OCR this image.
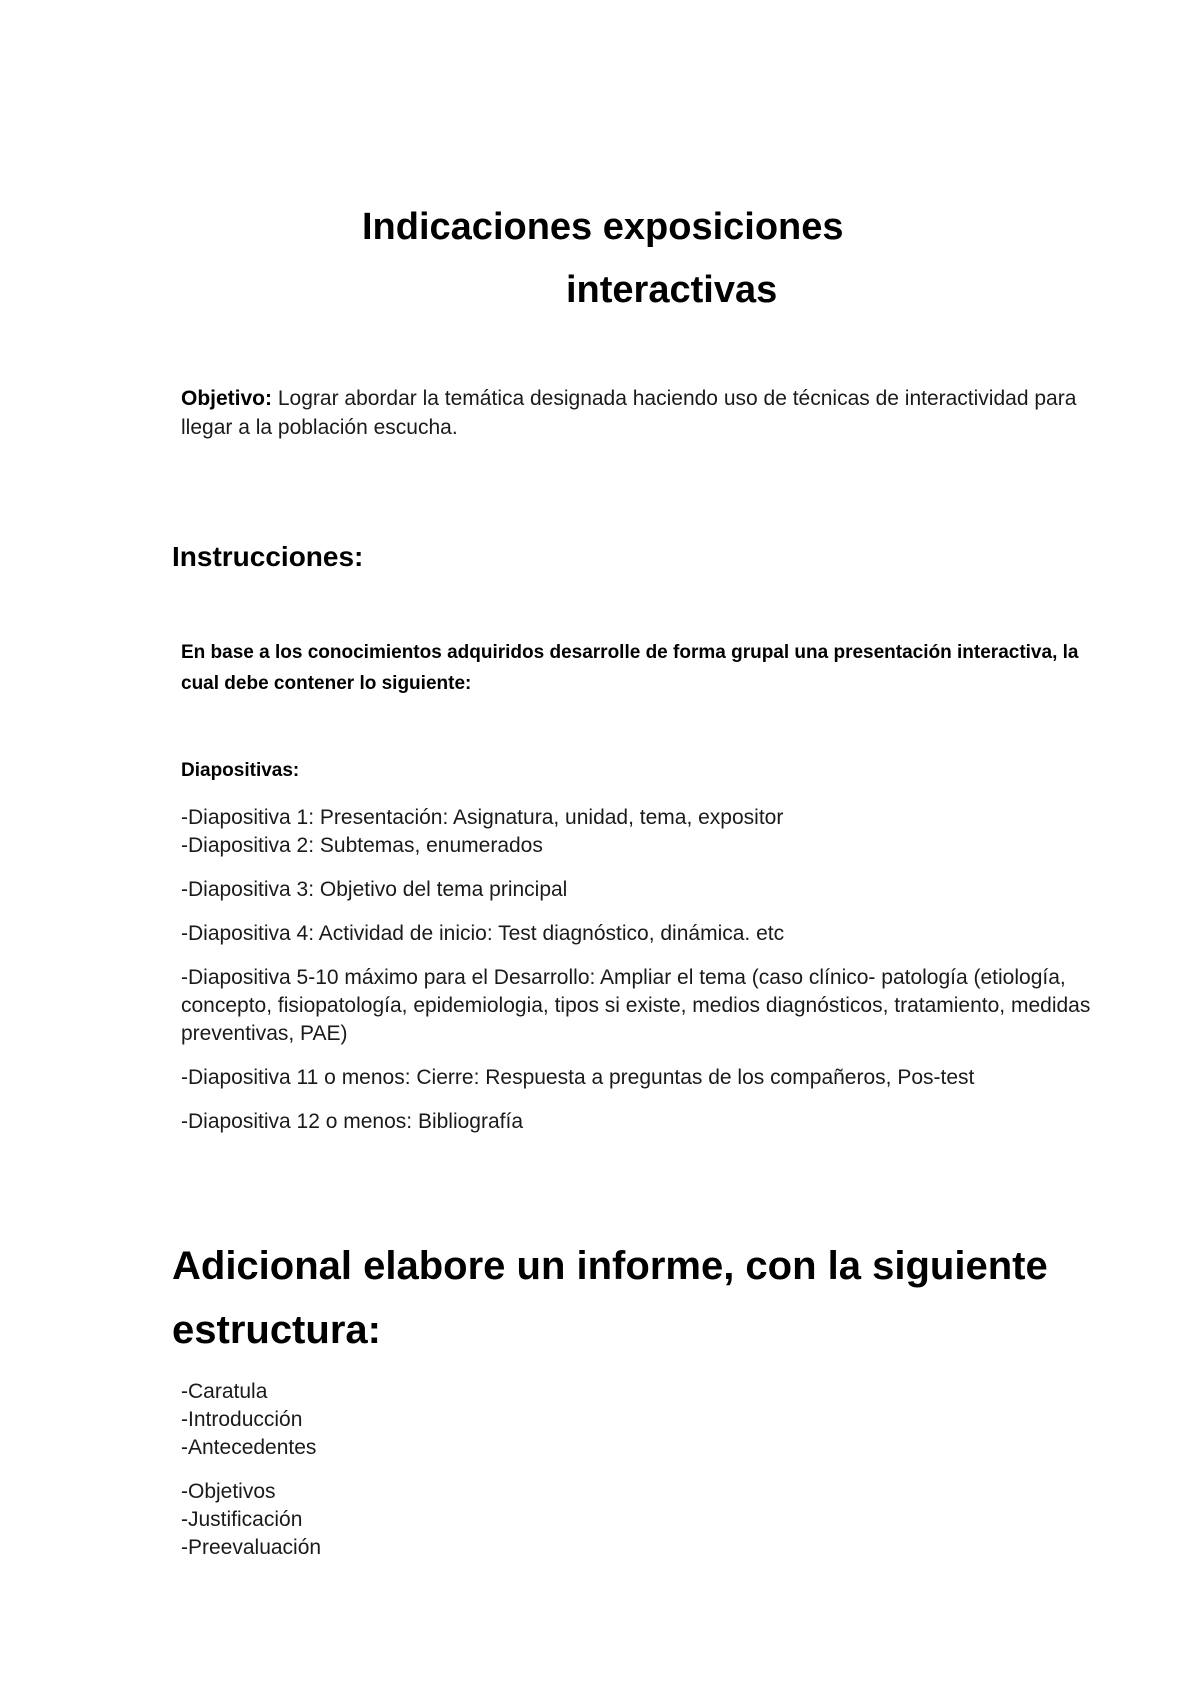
Indicaciones exposiciones
interactivas
Objetivo: Lograr abordar la temática designada haciendo uso de técnicas de interactividad para llegar a la población escucha.
Instrucciones:
En base a los conocimientos adquiridos desarrolle de forma grupal una presentación interactiva, la cual debe contener lo siguiente:
Diapositivas:
-Diapositiva 1: Presentación: Asignatura, unidad, tema, expositor
-Diapositiva 2: Subtemas, enumerados
-Diapositiva 3: Objetivo del tema principal
-Diapositiva 4: Actividad de inicio: Test diagnóstico, dinámica. etc
-Diapositiva 5-10 máximo para el Desarrollo: Ampliar el tema (caso clínico- patología (etiología, concepto, fisiopatología, epidemiologia, tipos si existe, medios diagnósticos, tratamiento, medidas preventivas, PAE)
-Diapositiva 11 o menos: Cierre: Respuesta a preguntas de los compañeros, Pos-test
-Diapositiva 12 o menos: Bibliografía
Adicional elabore un informe, con la siguiente estructura:
-Caratula
-Introducción
-Antecedentes
-Objetivos
-Justificación
-Preevaluación
